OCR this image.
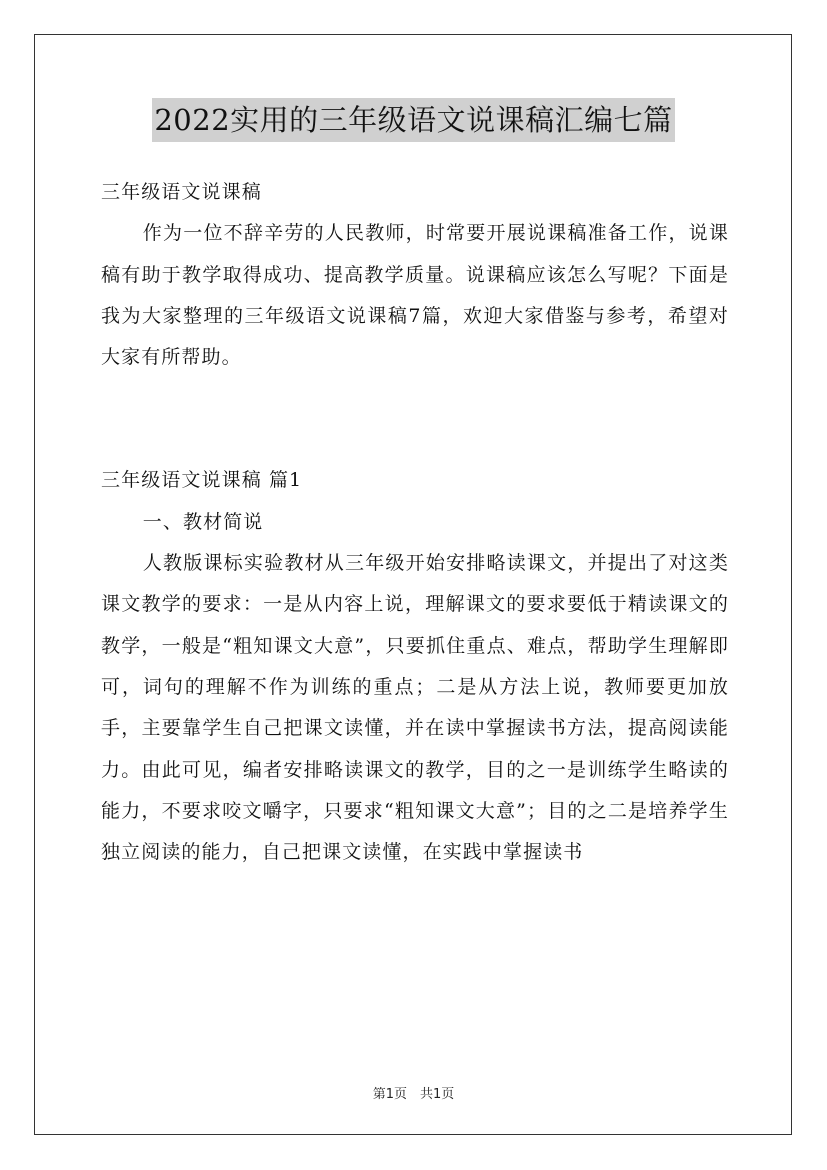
2022实用的三年级语文说课稿汇编七篇

三年级语文说课稿

作为一位不辞辛劳的人民教师，时常要开展说课稿准备工作，说课稿有助于教学取得成功、提高教学质量。说课稿应该怎么写呢？下面是我为大家整理的三年级语文说课稿7篇，欢迎大家借鉴与参考，希望对大家有所帮助。

三年级语文说课稿 篇1

一、教材简说

人教版课标实验教材从三年级开始安排略读课文，并提出了对这类课文教学的要求：一是从内容上说，理解课文的要求要低于精读课文的教学，一般是“粗知课文大意”，只要抓住重点、难点，帮助学生理解即可，词句的理解不作为训练的重点；二是从方法上说，教师要更加放手，主要靠学生自己把课文读懂，并在读中掌握读书方法，提高阅读能力。由此可见，编者安排略读课文的教学，目的之一是训练学生略读的能力，不要求咬文嚼字，只要求“粗知课文大意”；目的之二是培养学生独立阅读的能力，自己把课文读懂，在实践中掌握读书

第1页　共1页
